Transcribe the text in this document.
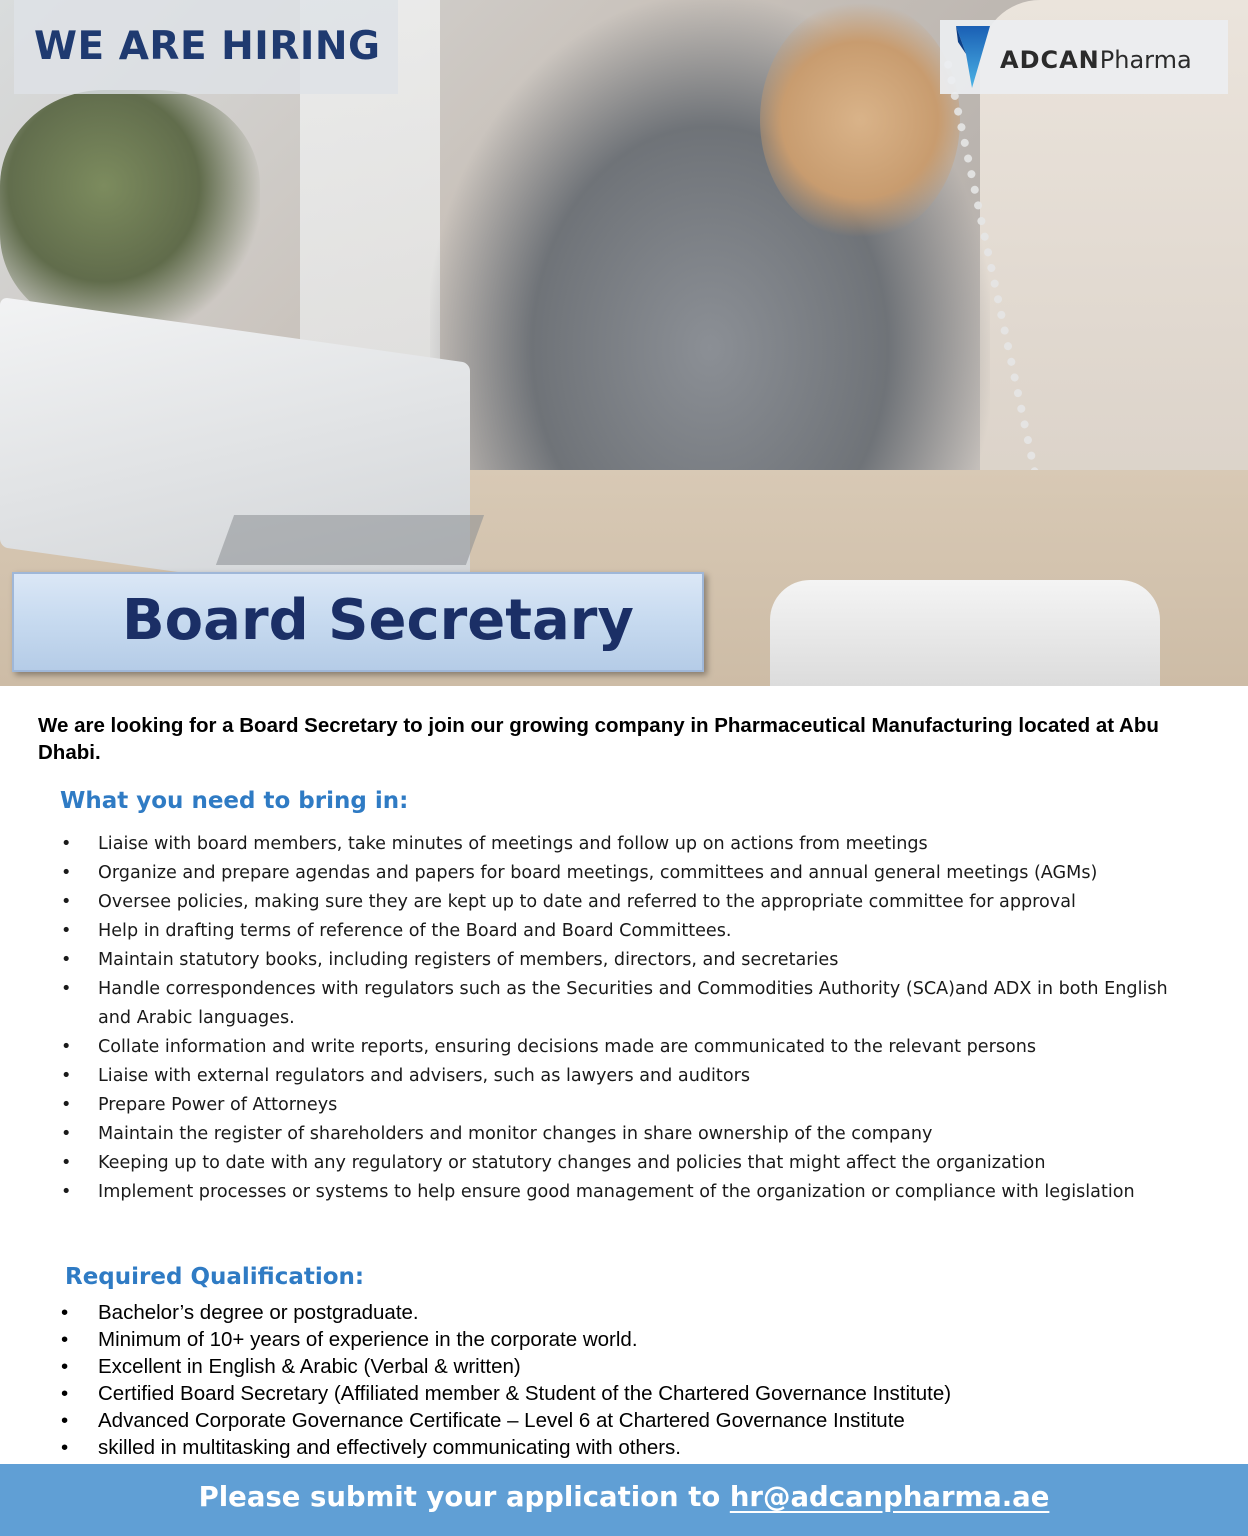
WE ARE HIRING	ADCANPharma
Board Secretary
We are looking for a Board Secretary to join our growing company in Pharmaceutical Manufacturing located at Abu Dhabi.
What you need to bring in:
• Liaise with board members, take minutes of meetings and follow up on actions from meetings
• Organize and prepare agendas and papers for board meetings, committees and annual general meetings (AGMs)
• Oversee policies, making sure they are kept up to date and referred to the appropriate committee for approval
• Help in drafting terms of reference of the Board and Board Committees.
• Maintain statutory books, including registers of members, directors, and secretaries
• Handle correspondences with regulators such as the Securities and Commodities Authority (SCA)and ADX in both English and Arabic languages.
• Collate information and write reports, ensuring decisions made are communicated to the relevant persons
• Liaise with external regulators and advisers, such as lawyers and auditors
• Prepare Power of Attorneys
• Maintain the register of shareholders and monitor changes in share ownership of the company
• Keeping up to date with any regulatory or statutory changes and policies that might affect the organization
• Implement processes or systems to help ensure good management of the organization or compliance with legislation
Required Qualification:
• Bachelor’s degree or postgraduate.
• Minimum of 10+ years of experience in the corporate world.
• Excellent in English & Arabic (Verbal & written)
• Certified Board Secretary (Affiliated member & Student of the Chartered Governance Institute)
• Advanced Corporate Governance Certificate – Level 6 at Chartered Governance Institute
• skilled in multitasking and effectively communicating with others.
Please submit your application to hr@adcanpharma.ae
